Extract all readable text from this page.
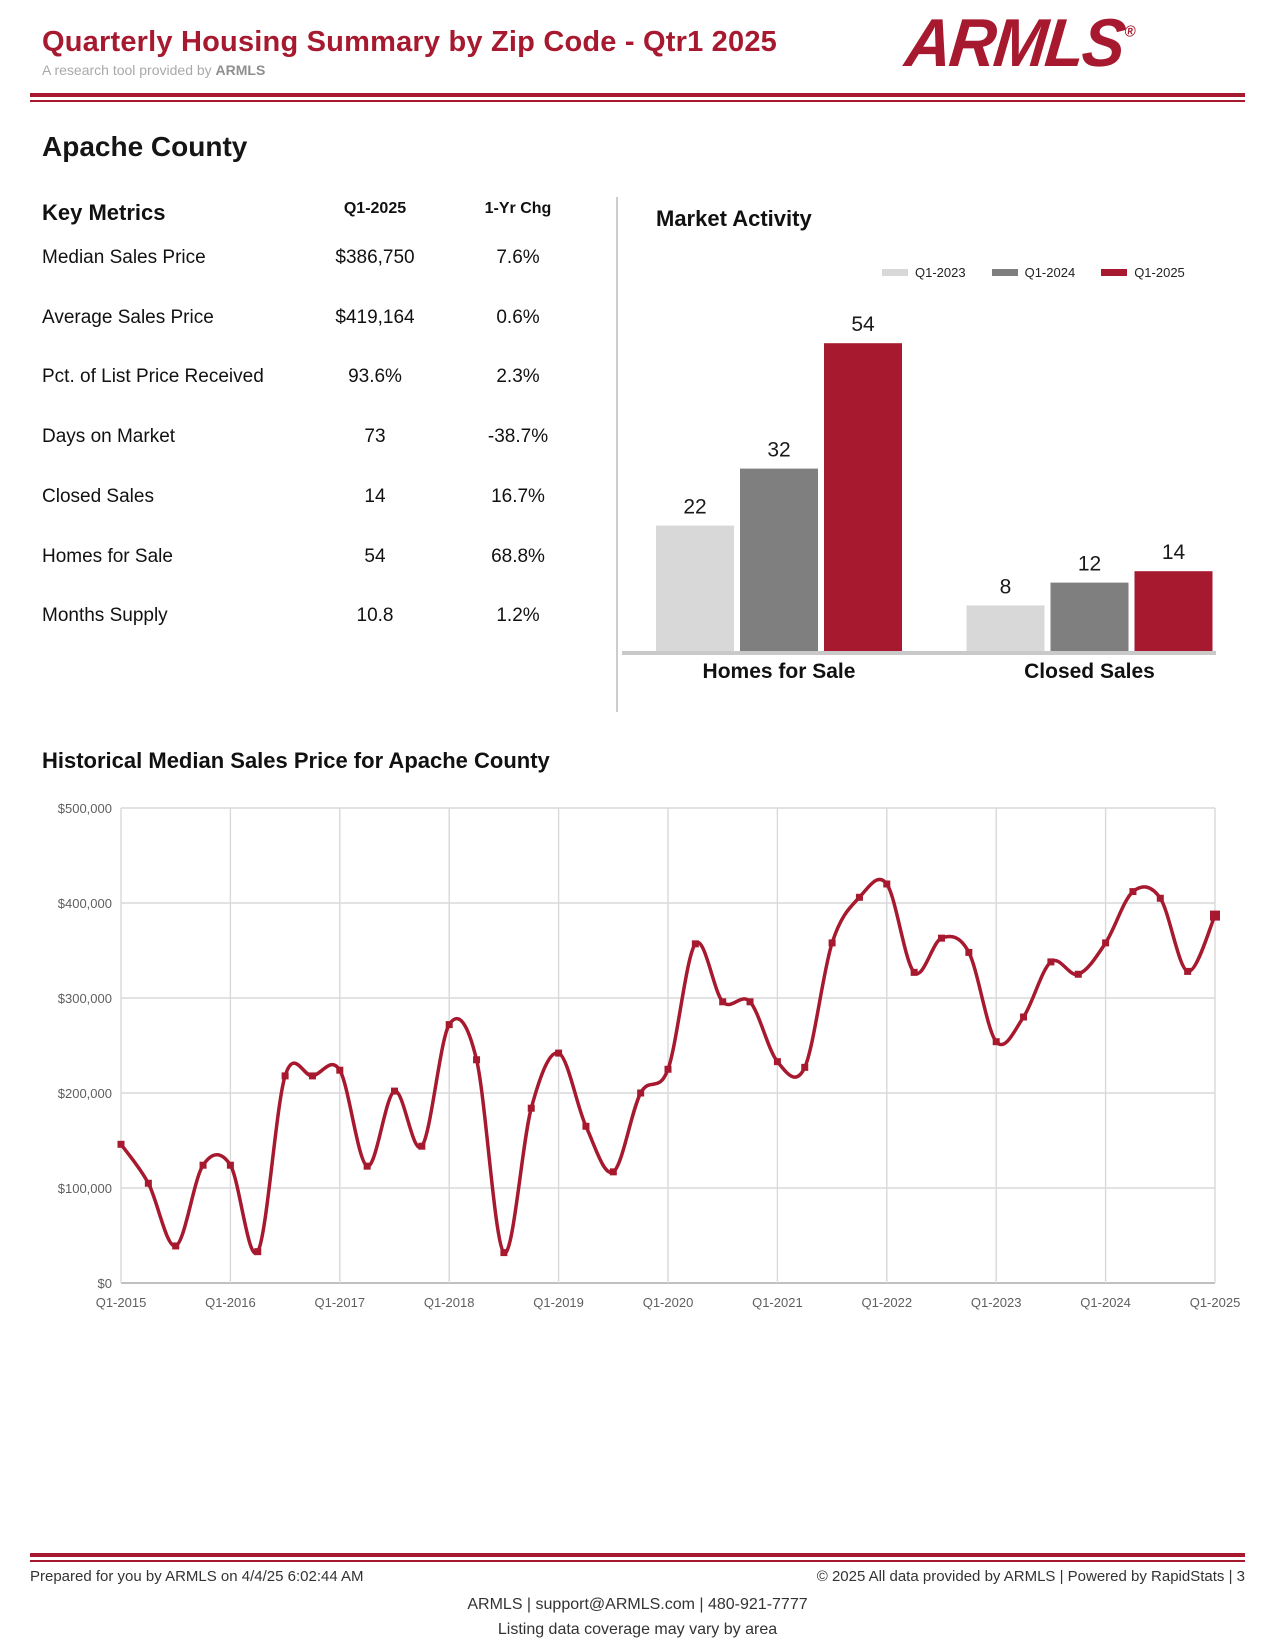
Quarterly Housing Summary by Zip Code - Qtr1 2025
A research tool provided by ARMLS	ARMLS®
Apache County
Key Metrics	Q1-2025	1-Yr Chg
Median Sales Price	$386,750	7.6%
Average Sales Price	$419,164	0.6%
Pct. of List Price Received	93.6%	2.3%
Days on Market	73	-38.7%
Closed Sales	14	16.7%
Homes for Sale	54	68.8%
Months Supply	10.8	1.2%
Market Activity
Q1-2023	Q1-2024	Q1-2025
22
32
54
Homes for Sale
8
12	14
Closed Sales
Historical Median Sales Price for Apache County
$0
$100,000
$200,000
$300,000
$400,000
$500,000
Q1-2015	Q1-2016	Q1-2017	Q1-2018	Q1-2019	Q1-2020	Q1-2021	Q1-2022	Q1-2023	Q1-2024	Q1-2025
Prepared for you by ARMLS on 4/4/25 6:02:44 AM	© 2025 All data provided by ARMLS | Powered by RapidStats | 3
ARMLS | support@ARMLS.com | 480-921-7777
Listing data coverage may vary by area
